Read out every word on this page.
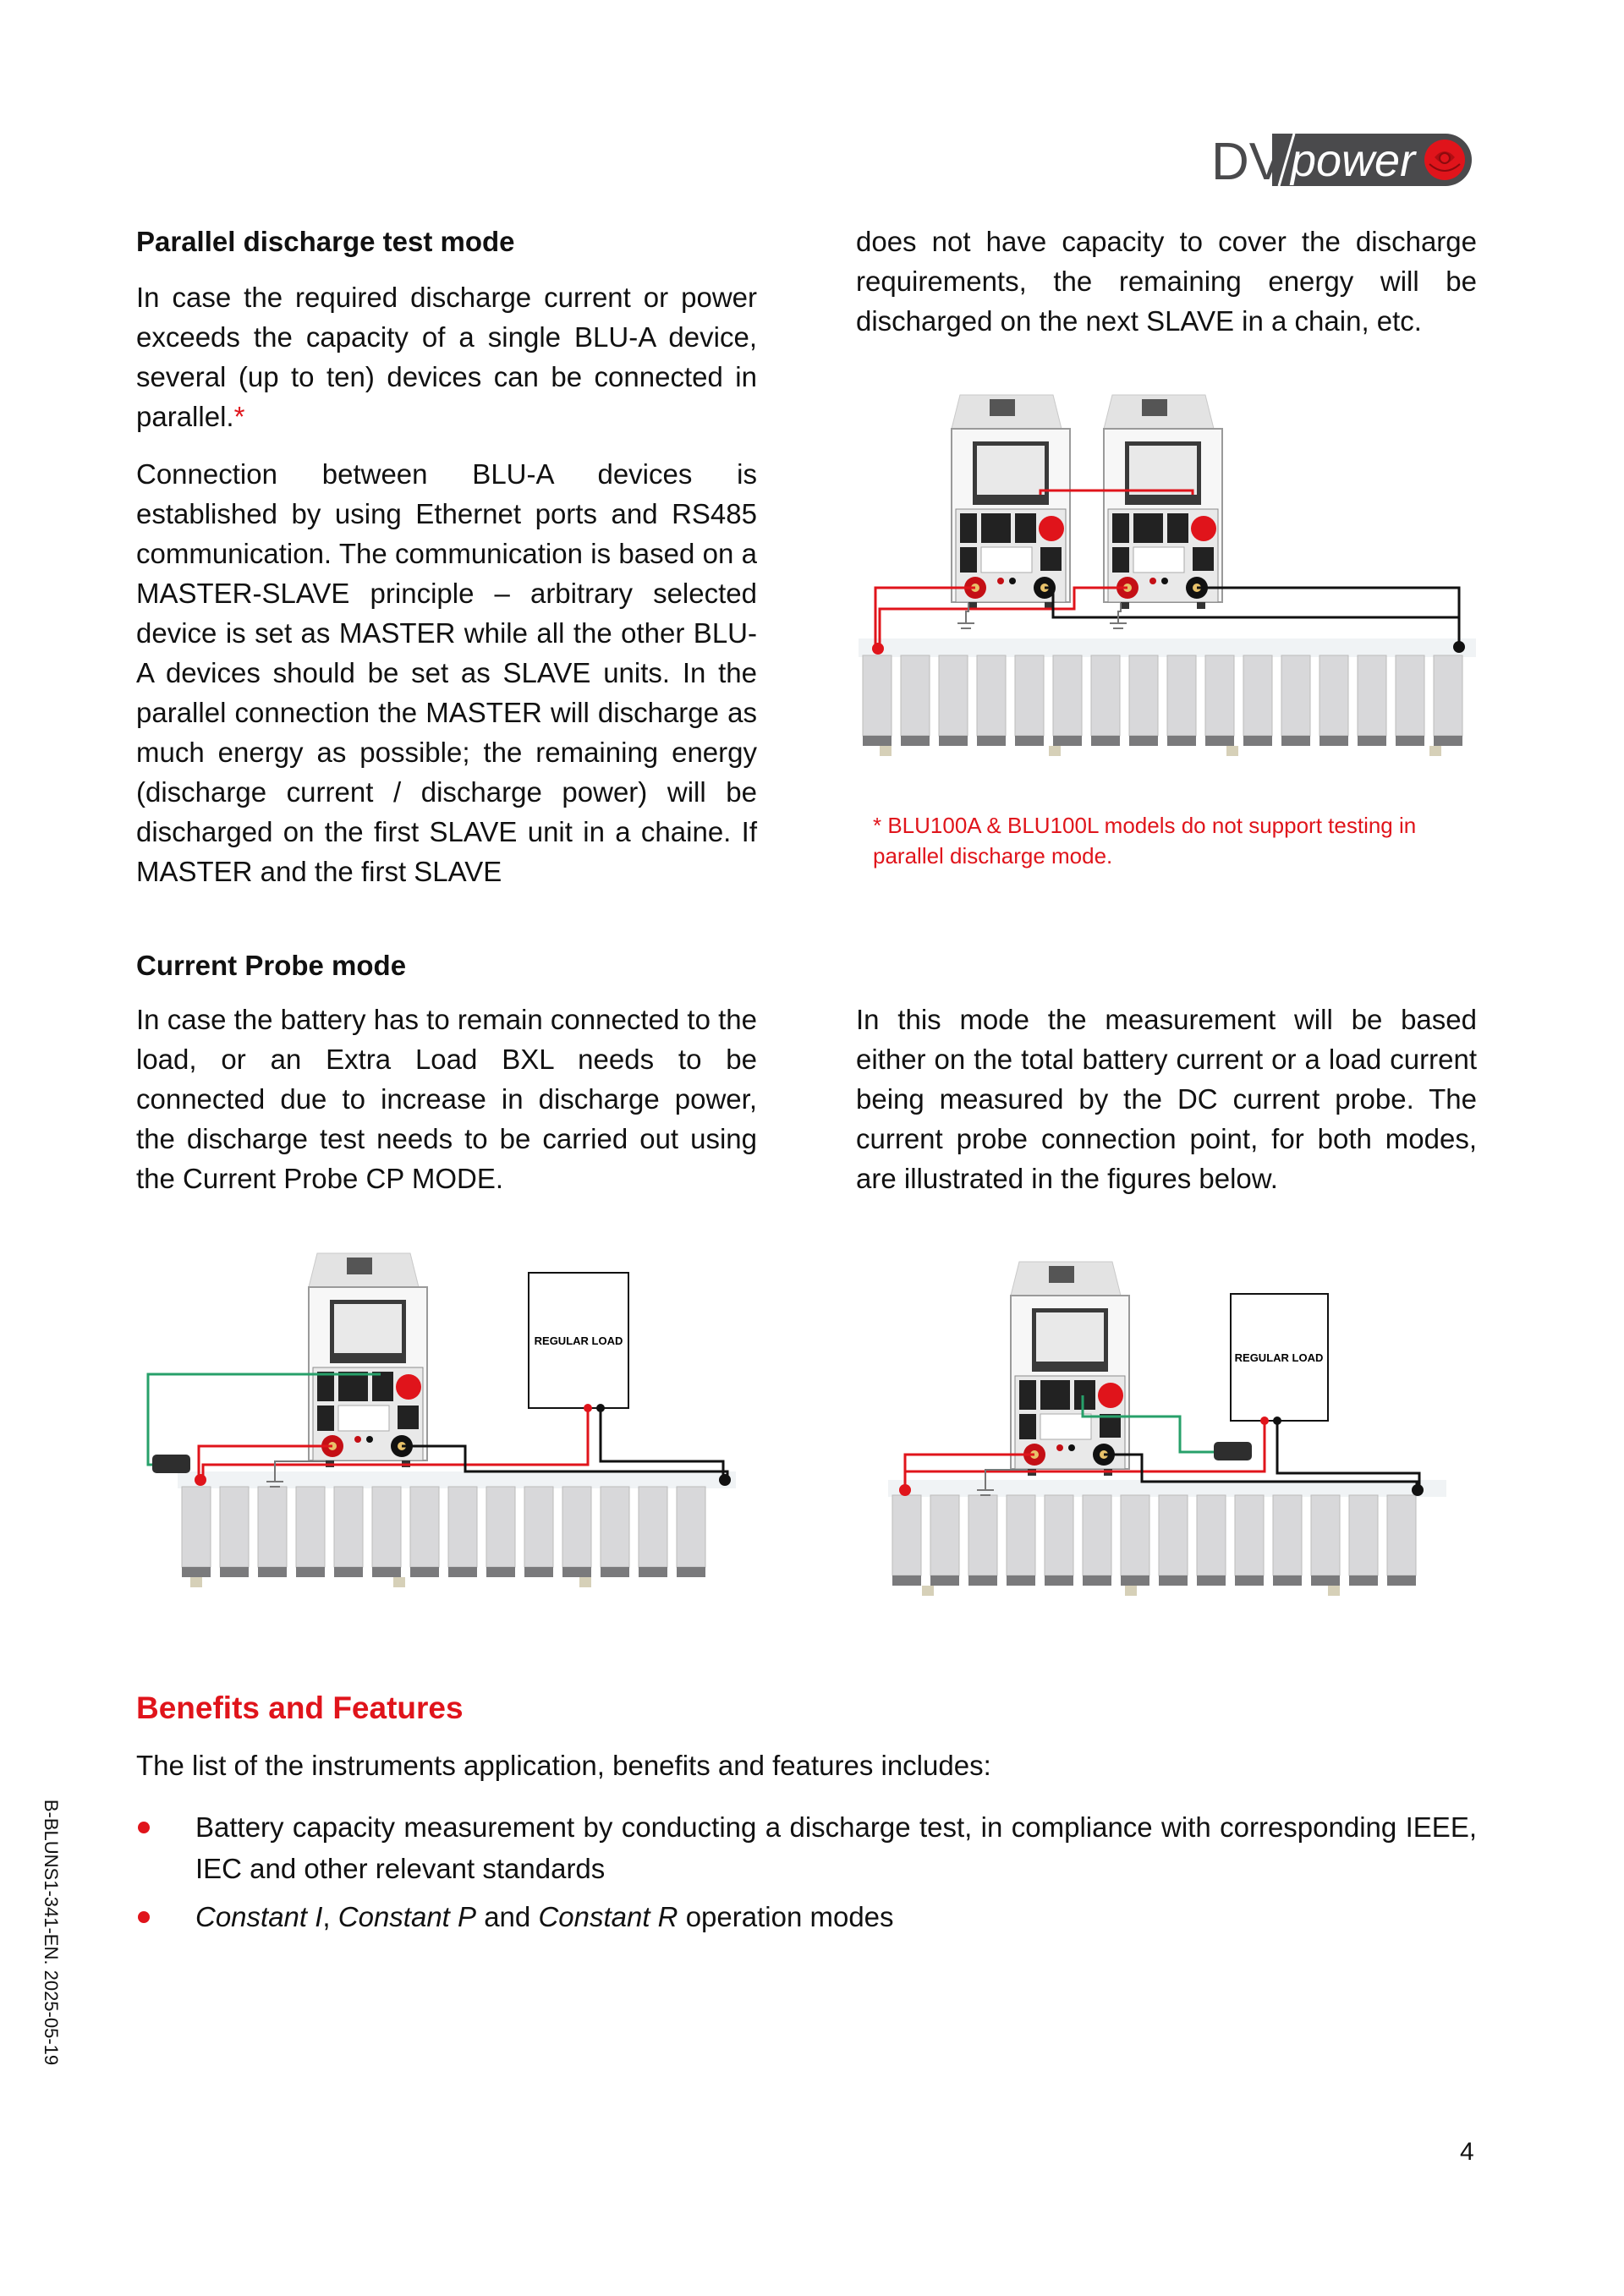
DV power
Parallel discharge test mode

In case the required discharge current or power exceeds the capacity of a single BLU-A device, several (up to ten) devices can be connected in parallel.*

Connection between BLU-A devices is established by using Ethernet ports and RS485 communication. The communication is based on a MASTER-SLAVE principle – arbitrary selected device is set as MASTER while all the other BLU-A devices should be set as SLAVE units. In the parallel connection the MASTER will discharge as much energy as possible; the remaining energy (discharge current / discharge power) will be discharged on the first SLAVE unit in a chaine. If MASTER and the first SLAVE

does not have capacity to cover the discharge requirements, the remaining energy will be discharged on the next SLAVE in a chain, etc.

* BLU100A & BLU100L models do not support testing in parallel discharge mode.
Current Probe mode

In case the battery has to remain connected to the load, or an Extra Load BXL needs to be connected due to increase in discharge power, the discharge test needs to be carried out using the Current Probe CP MODE.

In this mode the measurement will be based either on the total battery current or a load current being measured by the DC current probe. The current probe connection point, for both modes, are illustrated in the figures below.

REGULAR LOAD
REGULAR LOAD
Benefits and Features

The list of the instruments application, benefits and features includes:

Battery capacity measurement by conducting a discharge test, in compliance with corresponding IEEE, IEC and other relevant standards
Constant I, Constant P and Constant R operation modes
B-BLUNS1-341-EN. 2025-05-19
4
